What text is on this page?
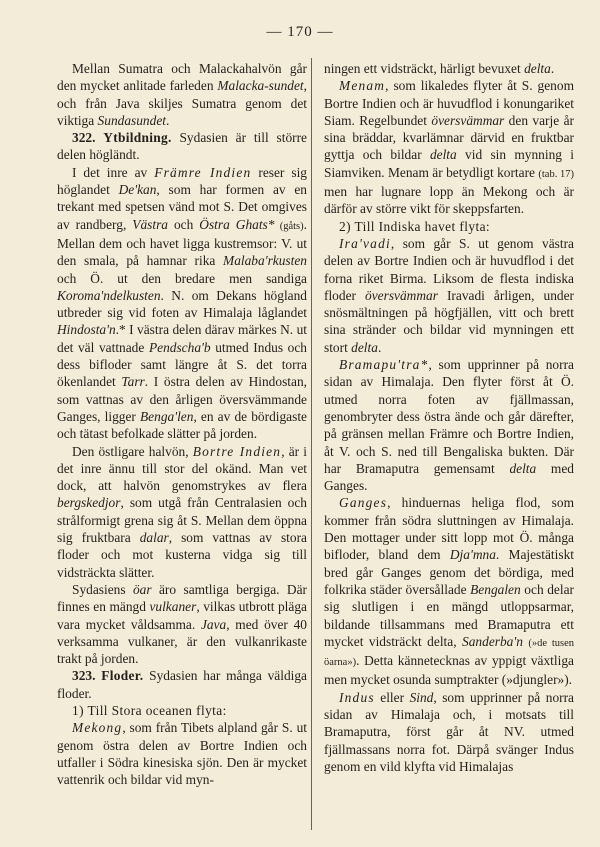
— 170 —

Mellan Sumatra och Malackahalvön går den mycket anlitade farleden Malacka-sundet, och från Java skiljes Sumatra genom det viktiga Sundasundet.

322. Ytbildning. Sydasien är till större delen högländt.

I det inre av Främre Indien reser sig höglandet De'kan, som har formen av en trekant med spetsen vänd mot S. Det omgives av randberg, Västra och Östra Ghats* (gåts). Mellan dem och havet ligga kustremsor: V. ut den smala, på hamnar rika Malaba'rkusten och Ö. ut den bredare men sandiga Koroma'ndelkusten. N. om Dekans högland utbreder sig vid foten av Himalaja låglandet Hindosta'n.* I västra delen därav märkes N. ut det väl vattnade Pendscha'b utmed Indus och dess bifloder samt längre åt S. det torra ökenlandet Tarr. I östra delen av Hindostan, som vattnas av den årligen översvämmande Ganges, ligger Benga'len, en av de bördigaste och tätast befolkade slätter på jorden.

Den östligare halvön, Bortre Indien, är i det inre ännu till stor del okänd. Man vet dock, att halvön genomstrykes av flera bergskedjor, som utgå från Centralasien och strålformigt grena sig åt S. Mellan dem öppna sig fruktbara dalar, som vattnas av stora floder och mot kusterna vidga sig till vidsträckta slätter.

Sydasiens öar äro samtliga bergiga. Där finnes en mängd vulkaner, vilkas utbrott pläga vara mycket våldsamma. Java, med över 40 verksamma vulkaner, är den vulkanrikaste trakt på jorden.

323. Floder. Sydasien har många väldiga floder.

1) Till Stora oceanen flyta:

Mekong, som från Tibets alpland går S. ut genom östra delen av Bortre Indien och utfaller i Södra kinesiska sjön. Den är mycket vattenrik och bildar vid myn-

ningen ett vidsträckt, härligt bevuxet delta.

Menam, som likaledes flyter åt S. genom Bortre Indien och är huvudflod i konungariket Siam. Regelbundet översvämmar den varje år sina bräddar, kvarlämnar därvid en fruktbar gyttja och bildar delta vid sin mynning i Siamviken. Menam är betydligt kortare (tab. 17) men har lugnare lopp än Mekong och är därför av större vikt för skeppsfarten.

2) Till Indiska havet flyta:

Ira'vadi, som går S. ut genom västra delen av Bortre Indien och är huvudflod i det forna riket Birma. Liksom de flesta indiska floder översvämmar Iravadi årligen, under snösmältningen på högfjällen, vitt och brett sina stränder och bildar vid mynningen ett stort delta.

Bramapu'tra*, som upprinner på norra sidan av Himalaja. Den flyter först åt Ö. utmed norra foten av fjällmassan, genombryter dess östra ände och går därefter, på gränsen mellan Främre och Bortre Indien, åt V. och S. ned till Bengaliska bukten. Där har Bramaputra gemensamt delta med Ganges.

Ganges, hinduernas heliga flod, som kommer från södra sluttningen av Himalaja. Den mottager under sitt lopp mot Ö. många bifloder, bland dem Dja'mna. Majestätiskt bred går Ganges genom det bördiga, med folkrika städer översållade Bengalen och delar sig slutligen i en mängd utloppsarmar, bildande tillsammans med Bramaputra ett mycket vidsträckt delta, Sanderba'n (»de tusen öarna»). Detta kännetecknas av yppigt växtliga men mycket osunda sumptrakter (»djungler»).

Indus eller Sind, som upprinner på norra sidan av Himalaja och, i motsats till Bramaputra, först går åt NV. utmed fjällmassans norra fot. Därpå svänger Indus genom en vild klyfta vid Himalajas
